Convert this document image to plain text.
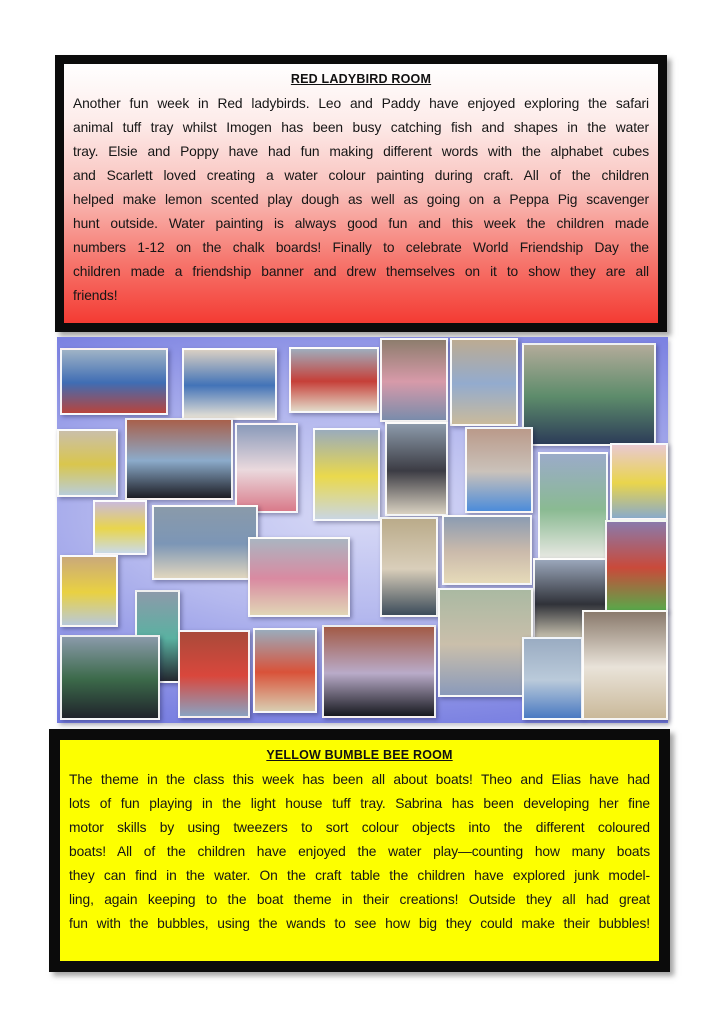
RED LADYBIRD ROOM
Another fun week in Red ladybirds. Leo and Paddy have enjoyed exploring the safari
animal tuff tray whilst Imogen has been busy catching fish and shapes in the water
tray. Elsie and Poppy have had fun making different words with the alphabet cubes
and Scarlett loved creating a water colour painting during craft. All of the children
helped make lemon scented play dough as well as going on a Peppa Pig scavenger
hunt outside. Water painting is always good fun and this week the children made
numbers 1-12 on the chalk boards! Finally to celebrate World Friendship Day the
children made a friendship banner and drew themselves on it to show they are all
friends!
YELLOW BUMBLE BEE ROOM
The theme in the class this week has been all about boats! Theo and Elias have had
lots of fun playing in the light house tuff tray. Sabrina has been developing her fine
motor skills by using tweezers to sort colour objects into the different coloured
boats! All of the children have enjoyed the water play—counting how many boats
they can find in the water. On the craft table the children have explored junk model-
ling, again keeping to the boat theme in their creations! Outside they all had great
fun with the bubbles, using the wands to see how big they could make their bubbles!
